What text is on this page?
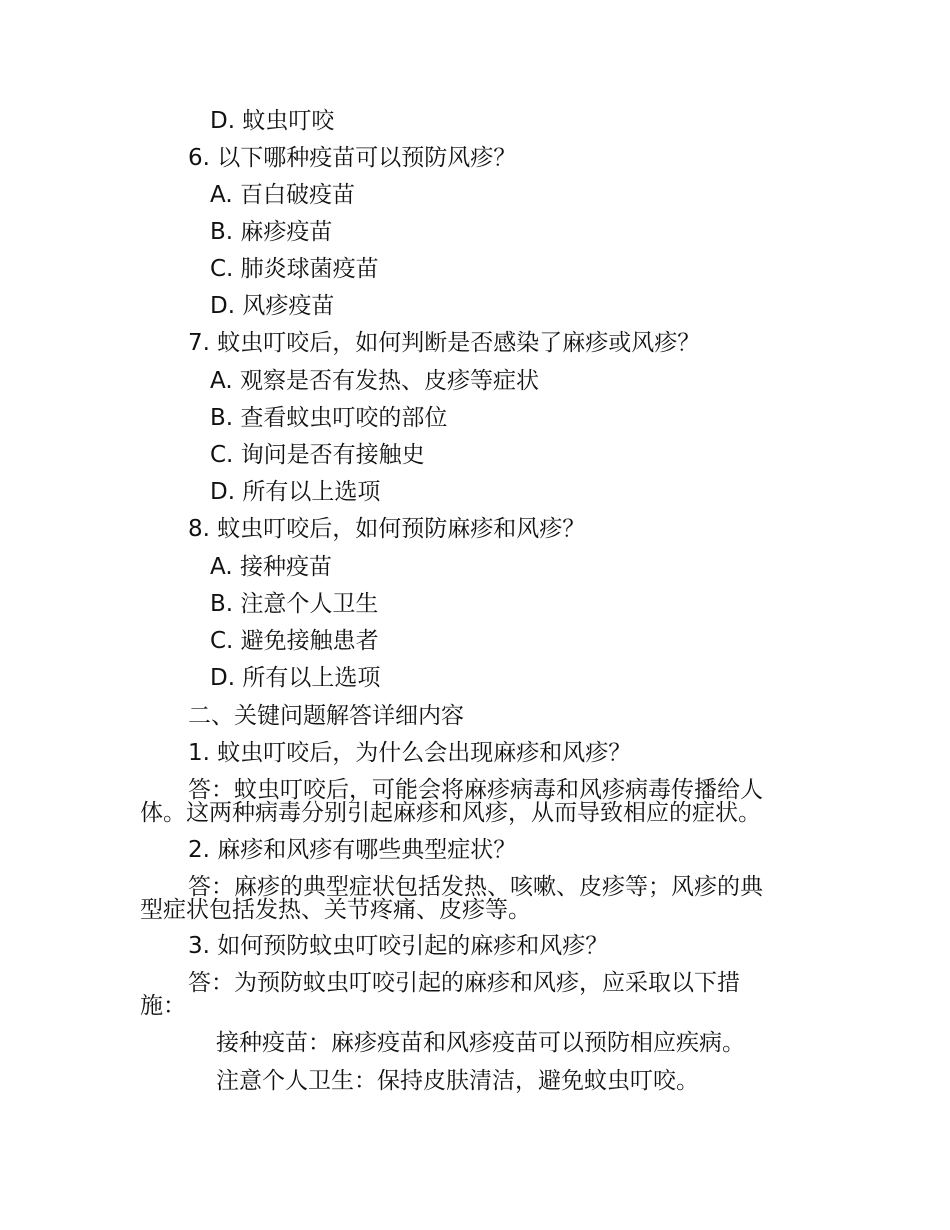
D. 蚊虫叮咬
6. 以下哪种疫苗可以预防风疹？
A. 百白破疫苗
B. 麻疹疫苗
C. 肺炎球菌疫苗
D. 风疹疫苗
7. 蚊虫叮咬后，如何判断是否感染了麻疹或风疹？
A. 观察是否有发热、皮疹等症状
B. 查看蚊虫叮咬的部位
C. 询问是否有接触史
D. 所有以上选项
8. 蚊虫叮咬后，如何预防麻疹和风疹？
A. 接种疫苗
B. 注意个人卫生
C. 避免接触患者
D. 所有以上选项
二、关键问题解答详细内容
1. 蚊虫叮咬后，为什么会出现麻疹和风疹？
答：蚊虫叮咬后，可能会将麻疹病毒和风疹病毒传播给人
体。这两种病毒分别引起麻疹和风疹，从而导致相应的症状。
2. 麻疹和风疹有哪些典型症状？
答：麻疹的典型症状包括发热、咳嗽、皮疹等；风疹的典
型症状包括发热、关节疼痛、皮疹等。
3. 如何预防蚊虫叮咬引起的麻疹和风疹？
答：为预防蚊虫叮咬引起的麻疹和风疹，应采取以下措
施：
接种疫苗：麻疹疫苗和风疹疫苗可以预防相应疾病。
注意个人卫生：保持皮肤清洁，避免蚊虫叮咬。
